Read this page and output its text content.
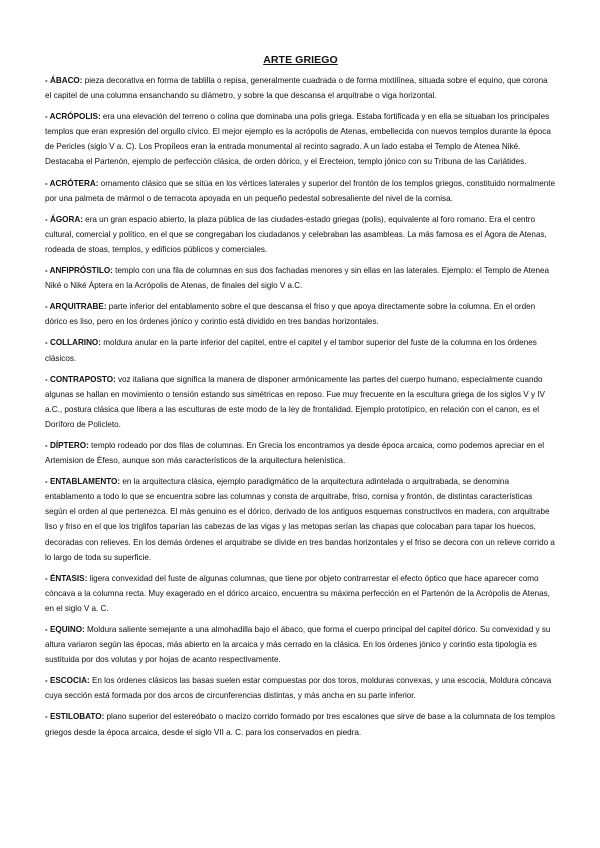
ARTE GRIEGO

- ÁBACO: pieza decorativa en forma de tablilla o repisa, generalmente cuadrada o de forma mixtilínea, situada sobre el equino, que corona el capitel de una columna ensanchando su diámetro, y sobre la que descansa el arquitrabe o viga horizontal.

- ACRÓPOLIS: era una elevación del terreno o colina que dominaba una polis griega. Estaba fortificada y en ella se situaban los principales templos que eran expresión del orgullo cívico. El mejor ejemplo es la acrópolis de Atenas, embellecida con nuevos templos durante la época de Pericles (siglo V a. C). Los Propíleos eran la entrada monumental al recinto sagrado. A un lado estaba el Templo de Atenea Niké. Destacaba el Partenón, ejemplo de perfección clásica, de orden dórico, y el Erecteion, templo jónico con su Tribuna de las Cariátides.

- ACRÓTERA: ornamento clásico que se sitúa en los vértices laterales y superior del frontón de los templos griegos, constituido normalmente por una palmeta de mármol o de terracota apoyada en un pequeño pedestal sobresaliente del nivel de la cornisa.

- ÁGORA: era un gran espacio abierto, la plaza pública de las ciudades-estado griegas (polis), equivalente al foro romano. Era el centro cultural, comercial y político, en el que se congregaban los ciudadanos y celebraban las asambleas. La más famosa es el Ágora de Atenas, rodeada de stoas, templos, y edificios públicos y comerciales.

- ANFIPRÓSTILO: templo con una fila de columnas en sus dos fachadas menores y sin ellas en las laterales. Ejemplo: el Templo de Atenea Niké o Niké Áptera en la Acrópolis de Atenas, de finales del siglo V a.C.

- ARQUITRABE: parte inferior del entablamento sobre el que descansa el friso y que apoya directamente sobre la columna. En el orden dórico es liso, pero en los órdenes jónico y corintio está dividido en tres bandas horizontales.

- COLLARINO: moldura anular en la parte inferior del capitel, entre el capitel y el tambor superior del fuste de la columna en los órdenes clásicos.

- CONTRAPOSTO: voz italiana que significa la manera de disponer armónicamente las partes del cuerpo humano, especialmente cuando algunas se hallan en movimiento o tensión estando sus simétricas en reposo. Fue muy frecuente en la escultura griega de los siglos V y IV a.C., postura clásica que libera a las esculturas de este modo de la ley de frontalidad. Ejemplo prototípico, en relación con el canon, es el Doríforo de Policleto.

- DÍPTERO: templo rodeado por dos filas de columnas. En Grecia los encontramos ya desde época arcaica, como podemos apreciar en el Artemision de Éfeso, aunque son más característicos de la arquitectura helenística.

- ENTABLAMENTO: en la arquitectura clásica, ejemplo paradigmático de la arquitectura adintelada o arquitrabada, se denomina entablamento a todo lo que se encuentra sobre las columnas y consta de arquitrabe, friso, cornisa y frontón, de distintas características según el orden al que pertenezca. El más genuino es el dórico, derivado de los antiguos esquemas constructivos en madera, con arquitrabe liso y friso en el que los triglifos taparían las cabezas de las vigas y las metopas serían las chapas que colocaban para tapar los huecos, decoradas con relieves. En los demás órdenes el arquitrabe se divide en tres bandas horizontales y el friso se decora con un relieve corrido a lo largo de toda su superficie.

- ÉNTASIS: ligera convexidad del fuste de algunas columnas, que tiene por objeto contrarrestar el efecto óptico que hace aparecer como cóncava a la columna recta. Muy exagerado en el dórico arcaico, encuentra su máxima perfección en el Partenón de la Acrópolis de Atenas, en el siglo V a. C.

- EQUINO: Moldura saliente semejante a una almohadilla bajo el ábaco, que forma el cuerpo principal del capitel dórico. Su convexidad y su altura variaron según las épocas, más abierto en la arcaica y más cerrado en la clásica. En los órdenes jónico y corintio esta tipología es sustituida por dos volutas y por hojas de acanto respectivamente.

- ESCOCIA: En los órdenes clásicos las basas suelen estar compuestas por dos toros, molduras convexas, y una escocia, Moldura cóncava cuya sección está formada por dos arcos de circunferencias distintas, y más ancha en su parte inferior.

- ESTILOBATO: plano superior del estereóbato o macizo corrido formado por tres escalones que sirve de base a la columnata de los templos griegos desde la época arcaica, desde el siglo VII a. C. para los conservados en piedra.
